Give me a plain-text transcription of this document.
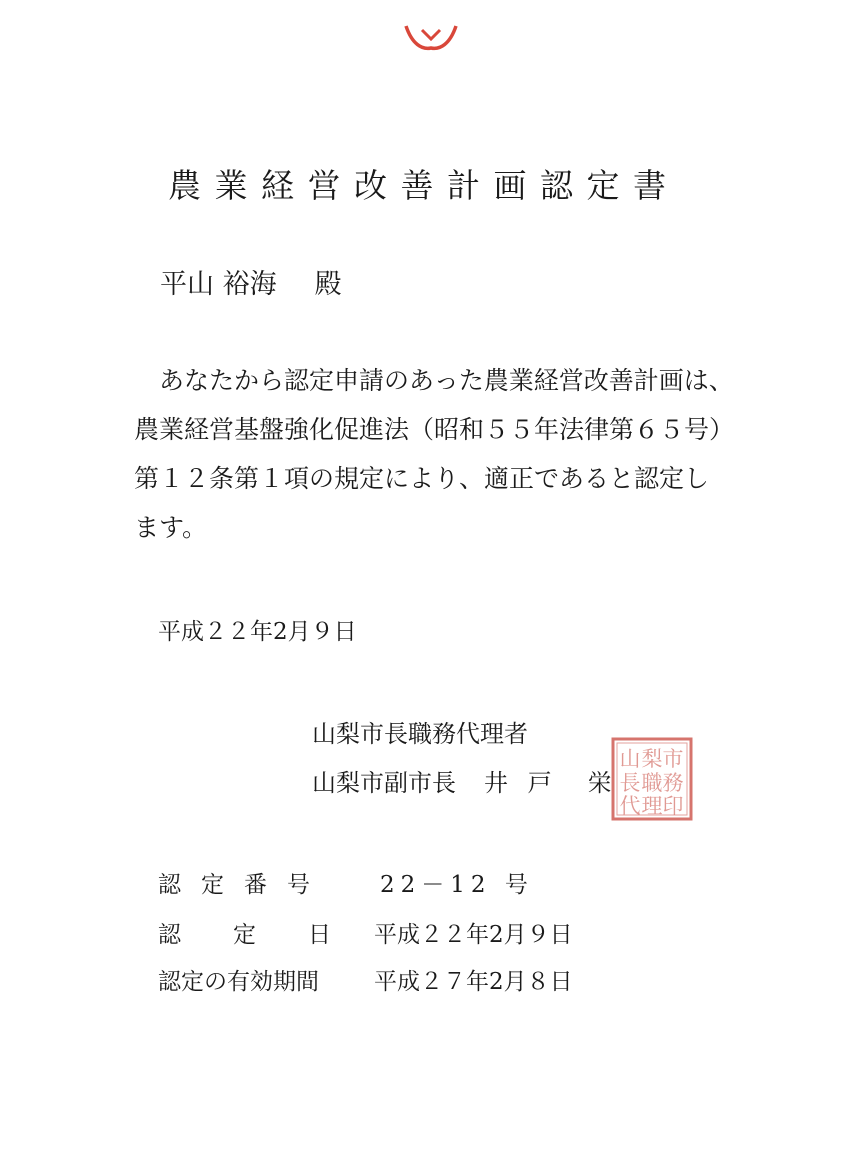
農業経営改善計画認定書
平山 裕海 殿
あなたから認定申請のあった農業経営改善計画は、
農業経営基盤強化促進法（昭和５５年法律第６５号）
第１２条第１項の規定により、適正であると認定し
ます。
平成２２年2月９日
山梨市長職務代理者
山梨市副市長 井 戸　栄
市
務
印
梨
職
理
山
長
代
認定番号 22－12 号
認定日
平成２２年2月９日
認定の有効期間 平成２７年2月８日
